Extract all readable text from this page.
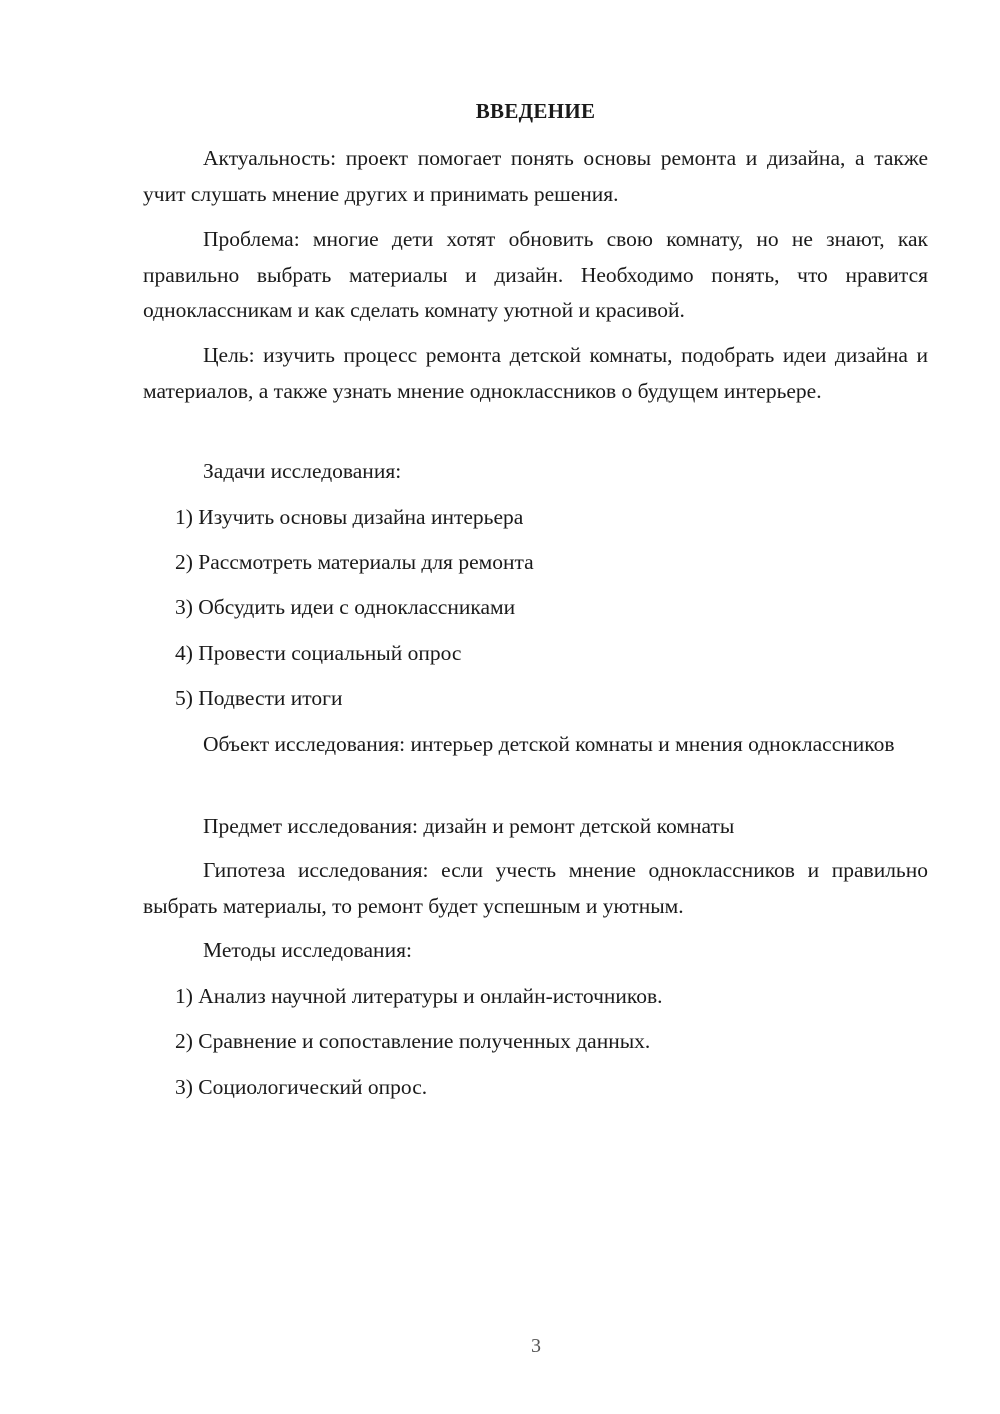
ВВЕДЕНИЕ

Актуальность: проект помогает понять основы ремонта и дизайна, а также учит слушать мнение других и принимать решения.

Проблема: многие дети хотят обновить свою комнату, но не знают, как правильно выбрать материалы и дизайн. Необходимо понять, что нравится одноклассникам и как сделать комнату уютной и красивой.

Цель: изучить процесс ремонта детской комнаты, подобрать идеи дизайна и материалов, а также узнать мнение одноклассников о будущем интерьере.

Задачи исследования:

1) Изучить основы дизайна интерьера

2) Рассмотреть материалы для ремонта

3) Обсудить идеи с одноклассниками

4) Провести социальный опрос

5) Подвести итоги

Объект исследования: интерьер детской комнаты и мнения одноклассников

Предмет исследования: дизайн и ремонт детской комнаты

Гипотеза исследования: если учесть мнение одноклассников и правильно выбрать материалы, то ремонт будет успешным и уютным.

Методы исследования:

1) Анализ научной литературы и онлайн-источников.

2) Сравнение и сопоставление полученных данных.

3) Социологический опрос.

3
